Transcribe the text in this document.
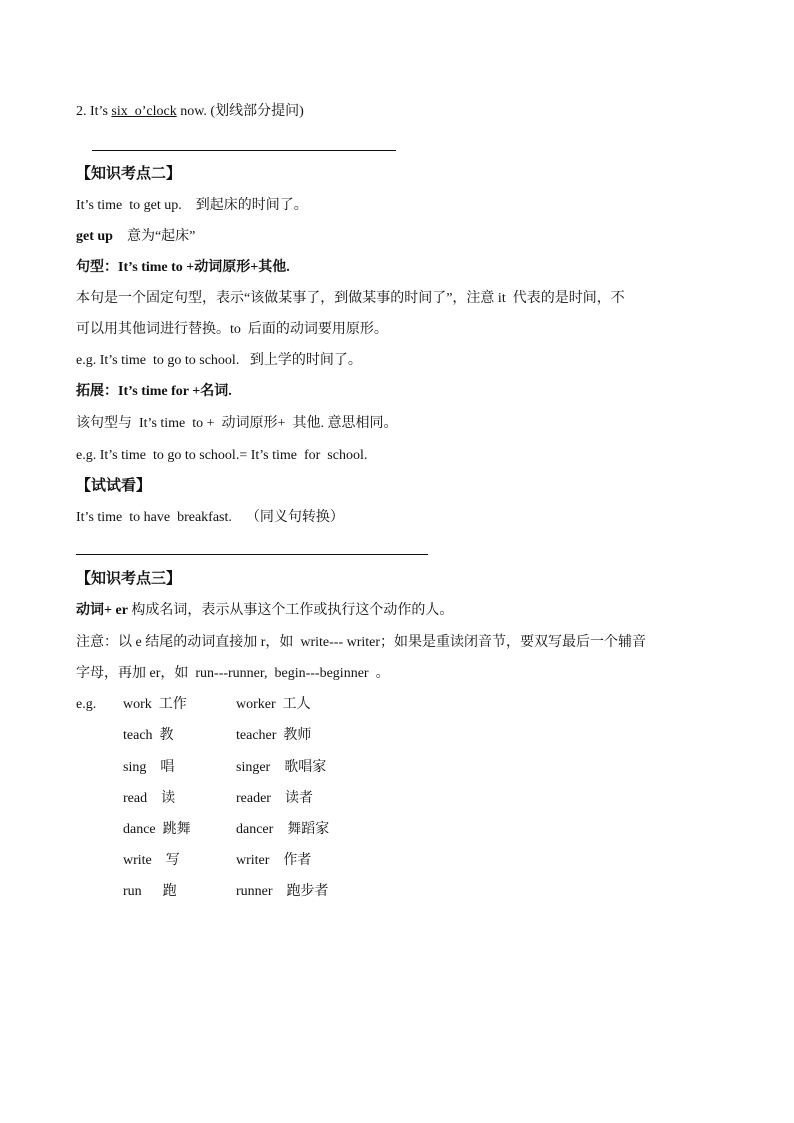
2. It’s six  o’clock now. (划线部分提问)
【知识考点二】
It’s time  to get up.    到起床的时间了。
get up    意为“起床”
句型：It’s time to +动词原形+其他.
本句是一个固定句型，表示“该做某事了，到做某事的时间了”，注意 it  代表的是时间，不
可以用其他词进行替换。to  后面的动词要用原形。
e.g. It’s time  to go to school.   到上学的时间了。
拓展：It’s time for +名词.
该句型与  It’s time  to +  动词原形+  其他. 意思相同。
e.g. It’s time  to go to school.= It’s time  for  school.
【试试看】
It’s time  to have  breakfast.    （同义句转换）
【知识考点三】
动词+ er 构成名词，表示从事这个工作或执行这个动作的人。
注意：以 e 结尾的动词直接加 r，如  write--- writer；如果是重读闭音节，要双写最后一个辅音
字母，再加 er，如  run---runner,  begin---beginner  。
e.g. work  工作	worker  工人
teach  教	teacher  教师
sing    唱	singer    歌唱家
read    读	reader    读者
dance  跳舞	dancer    舞蹈家
write    写	writer    作者
run      跑	runner    跑步者
